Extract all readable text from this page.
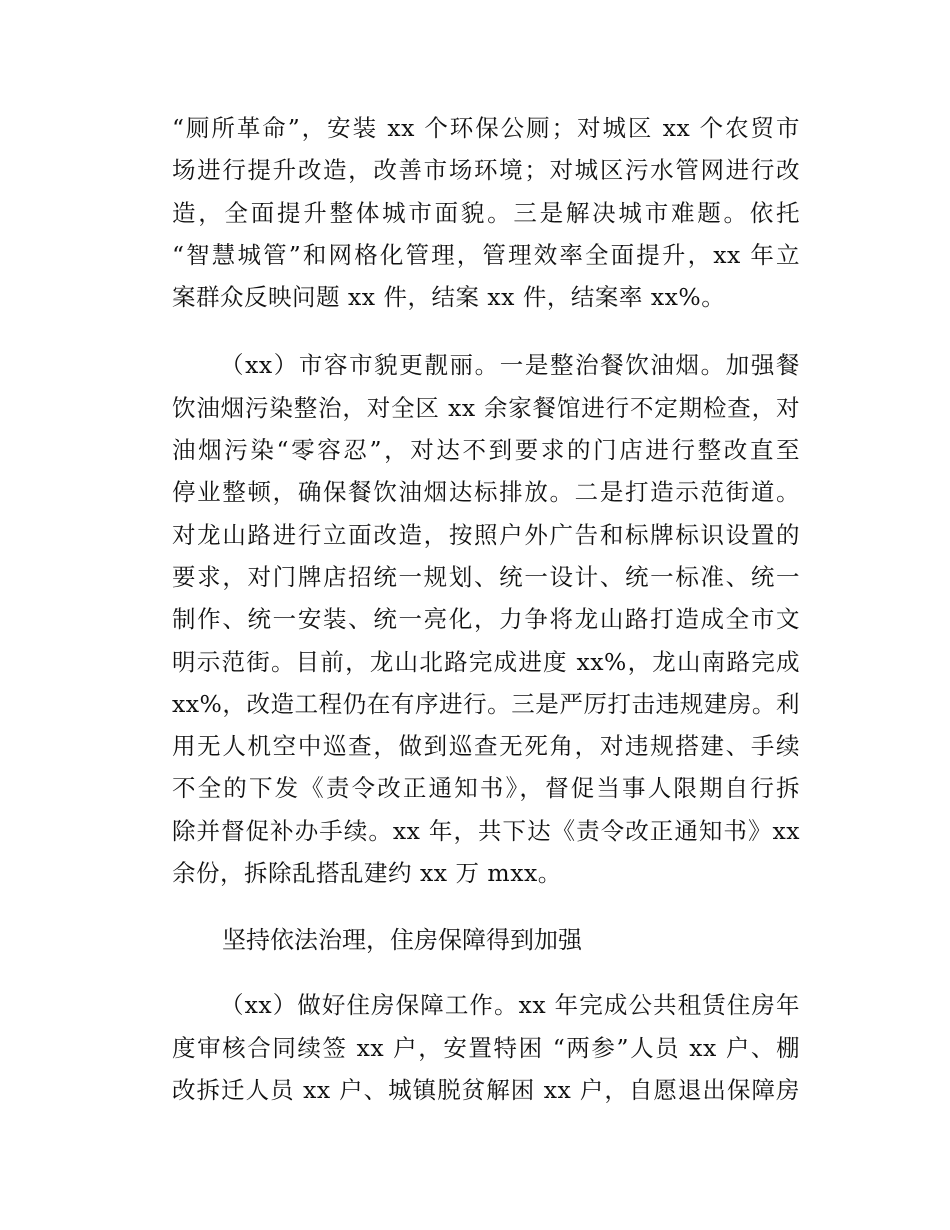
“厕所革命”，安装 xx 个环保公厕；对城区 xx 个农贸市
场进行提升改造，改善市场环境；对城区污水管网进行改
造，全面提升整体城市面貌。三是解决城市难题。依托
“智慧城管”和网格化管理，管理效率全面提升，xx 年立
案群众反映问题 xx 件，结案 xx 件，结案率 xx%。
（xx）市容市貌更靓丽。一是整治餐饮油烟。加强餐
饮油烟污染整治，对全区 xx 余家餐馆进行不定期检查，对
油烟污染“零容忍”，对达不到要求的门店进行整改直至
停业整顿，确保餐饮油烟达标排放。二是打造示范街道。
对龙山路进行立面改造，按照户外广告和标牌标识设置的
要求，对门牌店招统一规划、统一设计、统一标准、统一
制作、统一安装、统一亮化，力争将龙山路打造成全市文
明示范街。目前，龙山北路完成进度 xx%，龙山南路完成
xx%，改造工程仍在有序进行。三是严厉打击违规建房。利
用无人机空中巡查，做到巡查无死角，对违规搭建、手续
不全的下发《责令改正通知书》，督促当事人限期自行拆
除并督促补办手续。xx 年，共下达《责令改正通知书》xx
余份，拆除乱搭乱建约 xx 万 mxx。
坚持依法治理，住房保障得到加强
（xx）做好住房保障工作。xx 年完成公共租赁住房年
度审核合同续签 xx 户，安置特困 “两参”人员 xx 户、棚
改拆迁人员 xx 户、城镇脱贫解困 xx 户，自愿退出保障房
